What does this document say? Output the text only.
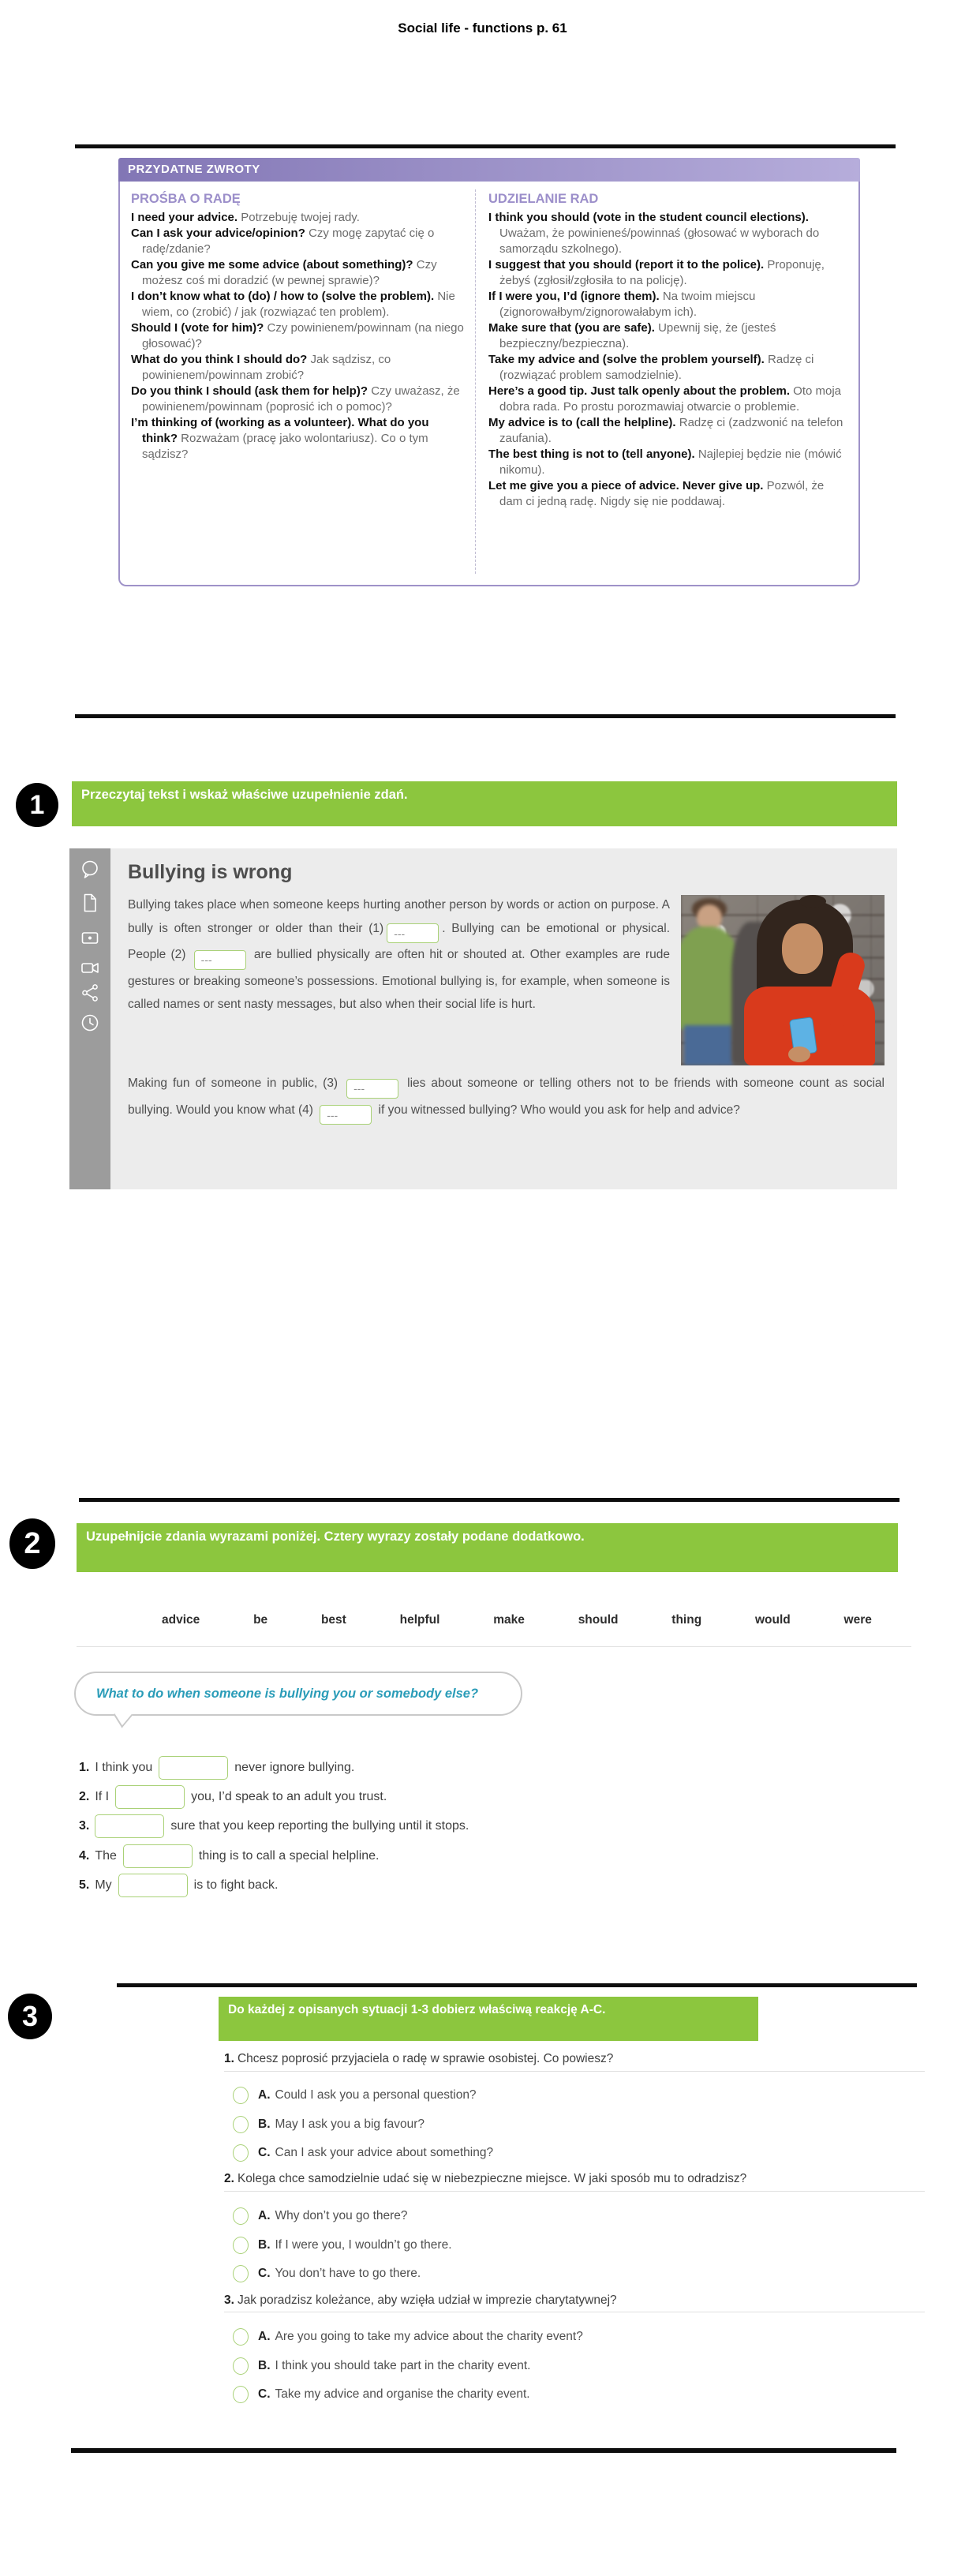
Social life - functions p. 61
PRZYDATNE ZWROTY
PROŚBA O RADĘ

I need your advice. Potrzebuję twojej rady.

Can I ask your advice/opinion? Czy mogę zapytać cię o radę/zdanie?

Can you give me some advice (about something)? Czy możesz coś mi doradzić (w pewnej sprawie)?

I don’t know what to (do) / how to (solve the problem). Nie wiem, co (zrobić) / jak (rozwiązać ten problem).

Should I (vote for him)? Czy powinienem/powinnam (na niego głosować)?

What do you think I should do? Jak sądzisz, co powinienem/powinnam zrobić?

Do you think I should (ask them for help)? Czy uważasz, że powinienem/powinnam (poprosić ich o pomoc)?

I’m thinking of (working as a volunteer). What do you think? Rozważam (pracę jako wolontariusz). Co o tym sądzisz?

UDZIELANIE RAD

I think you should (vote in the student council elections). Uważam, że powinieneś/powinnaś (głosować w wyborach do samorządu szkolnego).

I suggest that you should (report it to the police). Proponuję, żebyś (zgłosił/zgłosiła to na policję).

If I were you, I’d (ignore them). Na twoim miejscu (zignorowałbym/zignorowałabym ich).

Make sure that (you are safe). Upewnij się, że (jesteś bezpieczny/bezpieczna).

Take my advice and (solve the problem yourself). Radzę ci (rozwiązać problem samodzielnie).

Here’s a good tip. Just talk openly about the problem. Oto moja dobra rada. Po prostu porozmawiaj otwarcie o problemie.

My advice is to (call the helpline). Radzę ci (zadzwonić na telefon zaufania).

The best thing is not to (tell anyone). Najlepiej będzie nie (mówić nikomu).

Let me give you a piece of advice. Never give up. Pozwól, że dam ci jedną radę. Nigdy się nie poddawaj.

1	Przeczytaj tekst i wskaż właściwe uzupełnienie zdań.
Bullying is wrong

Bullying takes place when someone keeps hurting another person by words or action on purpose. A bully is often stronger or older than their (1) ---	. Bullying can be emotional or physical. People (2) ---	are bullied physically are often hit or shouted at. Other examples are rude gestures or breaking someone’s possessions. Emotional bullying is, for example, when someone is called names or sent nasty messages, but also when their social life is hurt.

Making fun of someone in public, (3) ---	lies about someone or telling others not to be friends with someone count as social bullying. Would you know what (4) ---	if you witnessed bullying? Who would you ask for help and advice?

2	Uzupełnijcie zdania wyrazami poniżej. Cztery wyrazy zostały podane dodatkowo.
advice	be	best	helpful	make	should	thing	would	were
What to do when someone is bullying you or somebody else?
1. I think you	never ignore bullying.
2. If I	you, I’d speak to an adult you trust.
3.	sure that you keep reporting the bullying until it stops.
4. The	thing is to call a special helpline.
5. My	is to fight back.
3	Do każdej z opisanych sytuacji 1-3 dobierz właściwą reakcję A-C.
1. Chcesz poprosić przyjaciela o radę w sprawie osobistej. Co powiesz?
A. Could I ask you a personal question?
B. May I ask you a big favour?
C. Can I ask your advice about something?
2. Kolega chce samodzielnie udać się w niebezpieczne miejsce. W jaki sposób mu to odradzisz?
A. Why don’t you go there?
B. If I were you, I wouldn’t go there.
C. You don’t have to go there.
3. Jak poradzisz koleżance, aby wzięła udział w imprezie charytatywnej?
A. Are you going to take my advice about the charity event?
B. I think you should take part in the charity event.
C. Take my advice and organise the charity event.
